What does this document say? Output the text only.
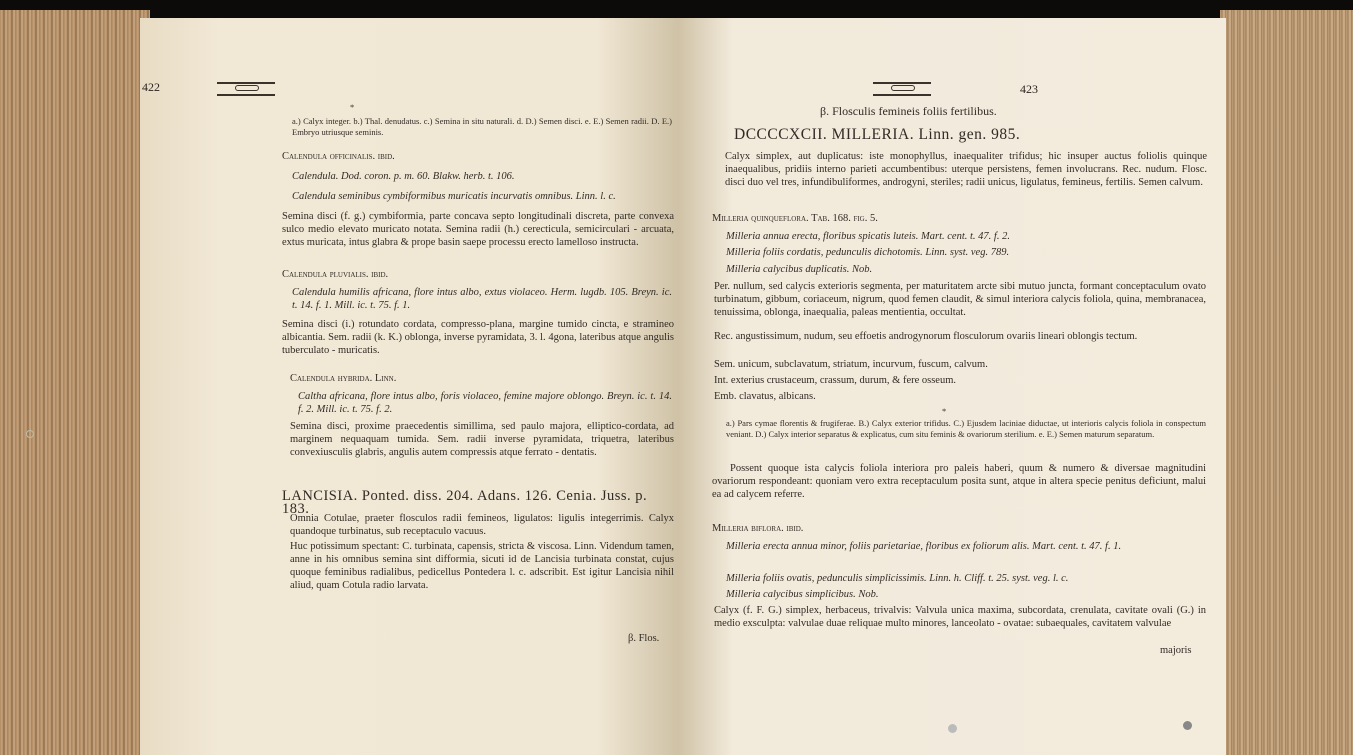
422
*
a.) Calyx integer. b.) Thal. denudatus. c.) Semina in situ naturali. d. D.) Semen disci. e. E.) Semen radii. D. E.) Embryo utriusque seminis.
Calendula officinalis. ibid.
Calendula. Dod. coron. p. m. 60. Blakw. herb. t. 106.
Calendula seminibus cymbiformibus muricatis incurvatis omnibus. Linn. l. c.
Semina disci (f. g.) cymbiformia, parte concava septo longitudinali discreta, parte convexa sulco medio elevato muricato notata. Semina radii (h.) cerecticula, semicirculari - arcuata, extus muricata, intus glabra & prope basin saepe processu erecto lamelloso instructa.
Calendula pluvialis. ibid.
Calendula humilis africana, flore intus albo, extus violaceo. Herm. lugdb. 105. Breyn. ic. t. 14. f. 1. Mill. ic. t. 75. f. 1.
Semina disci (i.) rotundato cordata, compresso-plana, margine tumido cincta, e stramineo albicantia. Sem. radii (k. K.) oblonga, inverse pyramidata, 3. l. 4gona, lateribus atque angulis tuberculato - muricatis.
Calendula hybrida. Linn.
Caltha africana, flore intus albo, foris violaceo, femine majore oblongo. Breyn. ic. t. 14. f. 2. Mill. ic. t. 75. f. 2.
Semina disci, proxime praecedentis simillima, sed paulo majora, elliptico-cordata, ad marginem nequaquam tumida. Sem. radii inverse pyramidata, triquetra, lateribus convexiusculis glabris, angulis autem compressis atque ferrato - dentatis.
LANCISIA. Ponted. diss. 204. Adans. 126. Cenia. Juss. p. 183.
Omnia Cotulae, praeter flosculos radii femineos, ligulatos: ligulis integerrimis. Calyx quandoque turbinatus, sub receptaculo vacuus.
Huc potissimum spectant: C. turbinata, capensis, stricta & viscosa. Linn. Videndum tamen, anne in his omnibus semina sint difformia, sicuti id de Lancisia turbinata constat, cujus quoque feminibus radialibus, pedicellus Pontedera l. c. adscribit. Est igitur Lancisia nihil aliud, quam Cotula radio larvata.
β. Flos.
423
β. Flosculis femineis foliis fertilibus.
DCCCCXCII. MILLERIA. Linn. gen. 985.
Calyx simplex, aut duplicatus: iste monophyllus, inaequaliter trifidus; hic insuper auctus foliolis quinque inaequalibus, pridiis interno parieti accumbentibus: uterque persistens, femen involucrans. Rec. nudum. Flosc. disci duo vel tres, infundibuliformes, androgyni, steriles; radii unicus, ligulatus, femineus, fertilis. Semen calvum.
Milleria quinqueflora. Tab. 168. fig. 5.
Milleria annua erecta, floribus spicatis luteis. Mart. cent. t. 47. f. 2.
Milleria foliis cordatis, pedunculis dichotomis. Linn. syst. veg. 789.
Milleria calycibus duplicatis. Nob.
Per. nullum, sed calycis exterioris segmenta, per maturitatem arcte sibi mutuo juncta, formant conceptaculum ovato turbinatum, gibbum, coriaceum, nigrum, quod femen claudit, & simul interiora calycis foliola, quina, membranacea, tenuissima, oblonga, inaequalia, paleas mentientia, occultat.
Rec. angustissimum, nudum, seu effoetis androgynorum flosculorum ovariis lineari oblongis tectum.
Sem. unicum, subclavatum, striatum, incurvum, fuscum, calvum.
Int. exterius crustaceum, crassum, durum, & fere osseum.
Emb. clavatus, albicans.
*
a.) Pars cymae florentis & frugiferae. B.) Calyx exterior trifidus. C.) Ejusdem laciniae diductae, ut interioris calycis foliola in conspectum veniant. D.) Calyx interior separatus & explicatus, cum situ feminis & ovariorum sterilium. e. E.) Semen maturum separatum.
Possent quoque ista calycis foliola interiora pro paleis haberi, quum & numero & diversae magnitudini ovariorum respondeant: quoniam vero extra receptaculum posita sunt, atque in altera specie penitus deficiunt, malui ea ad calycem referre.
Milleria biflora. ibid.
Milleria erecta annua minor, foliis parietariae, floribus ex foliorum alis. Mart. cent. t. 47. f. 1.
Milleria foliis ovatis, pedunculis simplicissimis. Linn. h. Cliff. t. 25. syst. veg. l. c.
Milleria calycibus simplicibus. Nob.
Calyx (f. F. G.) simplex, herbaceus, trivalvis: Valvula unica maxima, subcordata, crenulata, cavitate ovali (G.) in medio exsculpta: valvulae duae reliquae multo minores, lanceolato - ovatae: subaequales, cavitatem valvulae
majoris
